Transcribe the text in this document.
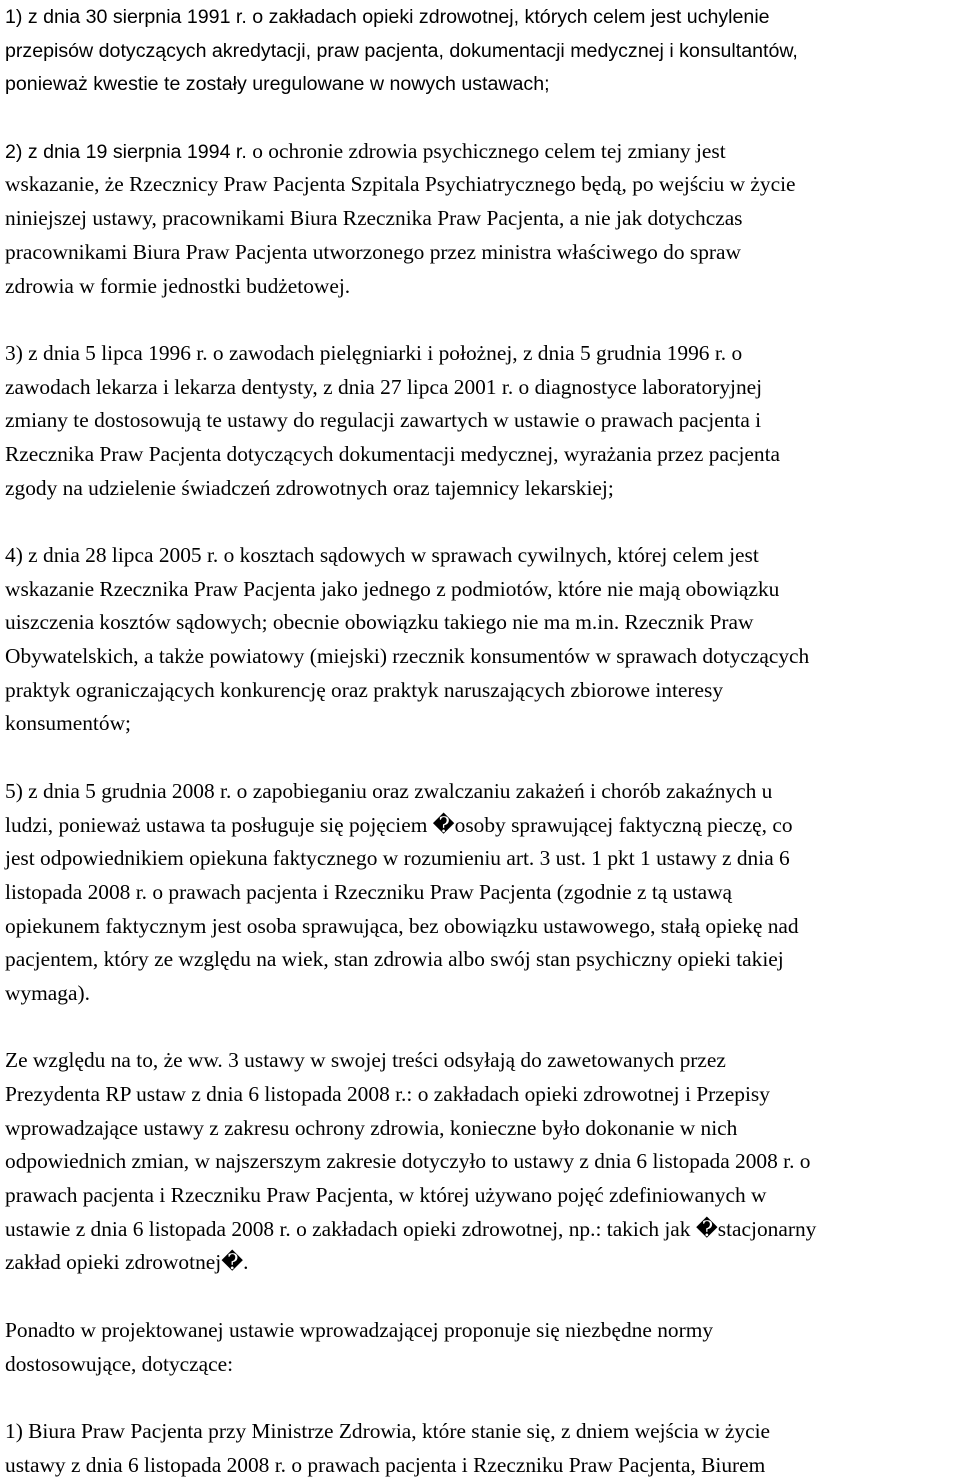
1) z dnia 30 sierpnia 1991 r. o zakładach opieki zdrowotnej, których celem jest uchylenie
przepisów dotyczących akredytacji, praw pacjenta, dokumentacji medycznej i konsultantów,
ponieważ kwestie te zostały uregulowane w nowych ustawach;
2) z dnia 19 sierpnia 1994 r. o ochronie zdrowia psychicznego celem tej zmiany jest
wskazanie, że Rzecznicy Praw Pacjenta Szpitala Psychiatrycznego będą, po wejściu w życie
niniejszej ustawy, pracownikami Biura Rzecznika Praw Pacjenta, a nie jak dotychczas
pracownikami Biura Praw Pacjenta utworzonego przez ministra właściwego do spraw
zdrowia w formie jednostki budżetowej.
3) z dnia 5 lipca 1996 r. o zawodach pielęgniarki i położnej, z dnia 5 grudnia 1996 r. o
zawodach lekarza i lekarza dentysty, z dnia 27 lipca 2001 r. o diagnostyce laboratoryjnej
zmiany te dostosowują te ustawy do regulacji zawartych w ustawie o prawach pacjenta i
Rzecznika Praw Pacjenta dotyczących dokumentacji medycznej, wyrażania przez pacjenta
zgody na udzielenie świadczeń zdrowotnych oraz tajemnicy lekarskiej;
4) z dnia 28 lipca 2005 r. o kosztach sądowych w sprawach cywilnych, której celem jest
wskazanie Rzecznika Praw Pacjenta jako jednego z podmiotów, które nie mają obowiązku
uiszczenia kosztów sądowych; obecnie obowiązku takiego nie ma m.in. Rzecznik Praw
Obywatelskich, a także powiatowy (miejski) rzecznik konsumentów w sprawach dotyczących
praktyk ograniczających konkurencję oraz praktyk naruszających zbiorowe interesy
konsumentów;
5) z dnia 5 grudnia 2008 r. o zapobieganiu oraz zwalczaniu zakażeń i chorób zakaźnych u
ludzi, ponieważ ustawa ta posługuje się pojęciem �osoby sprawującej faktyczną pieczę, co
jest odpowiednikiem opiekuna faktycznego w rozumieniu art. 3 ust. 1 pkt 1 ustawy z dnia 6
listopada 2008 r. o prawach pacjenta i Rzeczniku Praw Pacjenta (zgodnie z tą ustawą
opiekunem faktycznym jest osoba sprawująca, bez obowiązku ustawowego, stałą opiekę nad
pacjentem, który ze względu na wiek, stan zdrowia albo swój stan psychiczny opieki takiej
wymaga).
Ze względu na to, że ww. 3 ustawy w swojej treści odsyłają do zawetowanych przez
Prezydenta RP ustaw z dnia 6 listopada 2008 r.: o zakładach opieki zdrowotnej i Przepisy
wprowadzające ustawy z zakresu ochrony zdrowia, konieczne było dokonanie w nich
odpowiednich zmian, w najszerszym zakresie dotyczyło to ustawy z dnia 6 listopada 2008 r. o
prawach pacjenta i Rzeczniku Praw Pacjenta, w której używano pojęć zdefiniowanych w
ustawie z dnia 6 listopada 2008 r. o zakładach opieki zdrowotnej, np.: takich jak �stacjonarny
zakład opieki zdrowotnej�.
Ponadto w projektowanej ustawie wprowadzającej proponuje się niezbędne normy
dostosowujące, dotyczące:
1) Biura Praw Pacjenta przy Ministrze Zdrowia, które stanie się, z dniem wejścia w życie
ustawy z dnia 6 listopada 2008 r. o prawach pacjenta i Rzeczniku Praw Pacjenta, Biurem
